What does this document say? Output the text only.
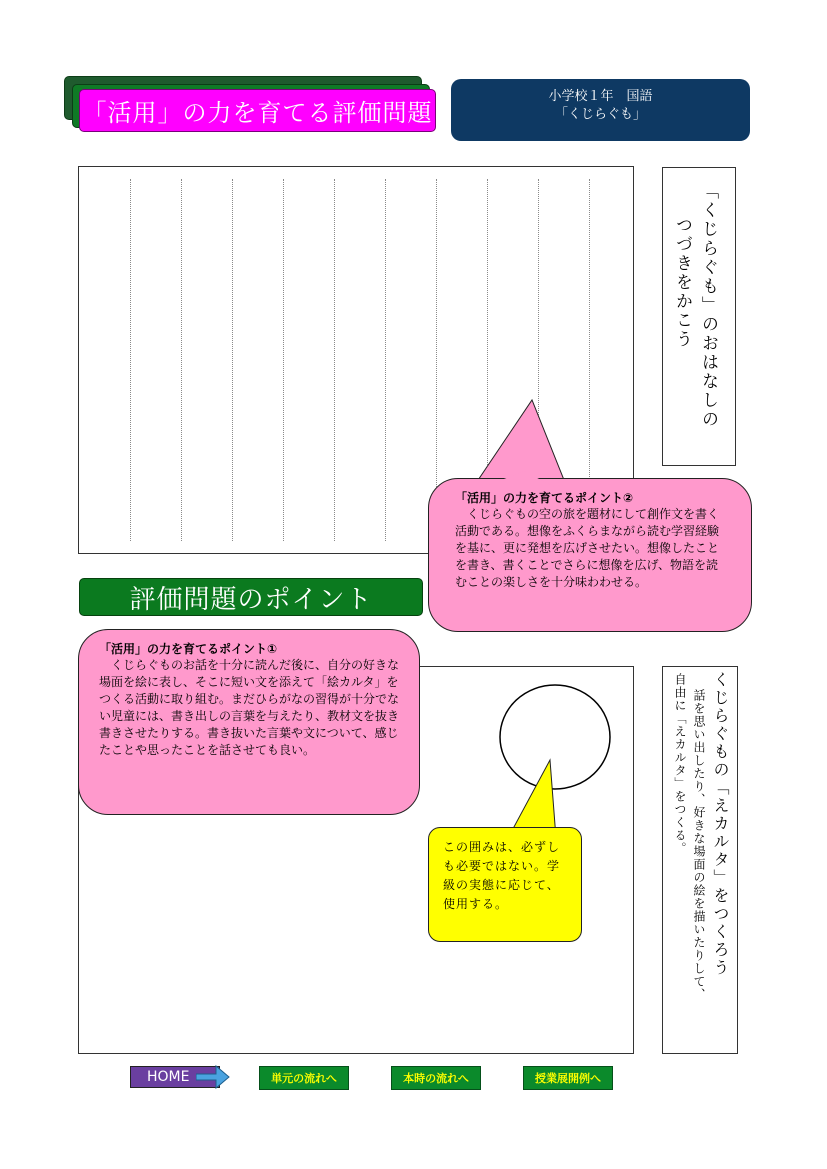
「活用」の力を育てる評価問題
小学校１年　国語
「くじらぐも」
「くじらぐも」のおはなしの
つづきをかこう
「活用」の力を育てるポイント②
　くじらぐもの空の旅を題材にして創作文を書く活動である。想像をふくらまながら読む学習経験を基に、更に発想を広げさせたい。想像したことを書き、書くことでさらに想像を広げ、物語を読むことの楽しさを十分味わわせる。
評価問題のポイント
「活用」の力を育てるポイント①
　くじらぐものお話を十分に読んだ後に、自分の好きな場面を絵に表し、そこに短い文を添えて「絵カルタ」をつくる活動に取り組む。まだひらがなの習得が十分でない児童には、書き出しの言葉を与えたり、教材文を抜き書きさせたりする。書き抜いた言葉や文について、感じたことや思ったことを話させても良い。
この囲みは、必ずしも必要ではない。学級の実態に応じて、使用する。	くじらぐもの「えカルタ」をつくろう 話を思い出したり、好きな場面の絵を描いたりして、 自由に「えカルタ」をつくる。
HOME	単元の流れへ	本時の流れへ	授業展開例へ
